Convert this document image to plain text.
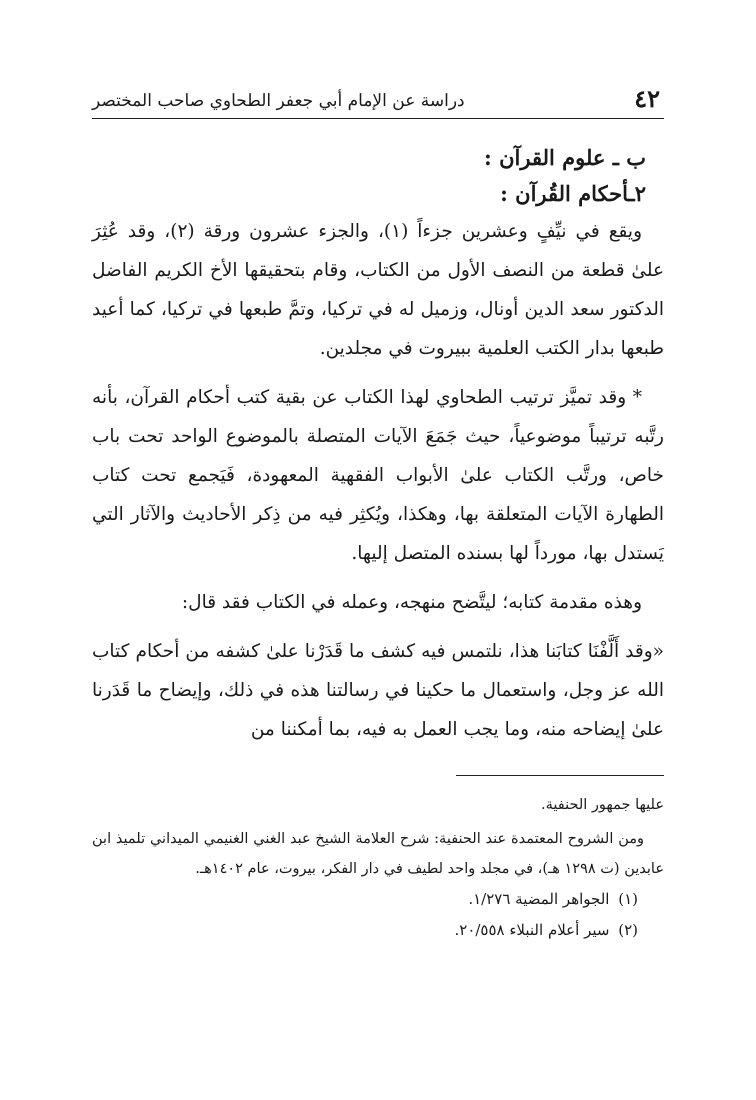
٤٢
دراسة عن الإمام أبي جعفر الطحاوي صاحب المختصر

ب ـ علوم القرآن :

٢ـأحكام القُرآن :

ويقع في نيِّفٍ وعشرين جزءاً (١)، والجزء عشرون ورقة (٢)، وقد عُثِرَ علىٰ قطعة من النصف الأول من الكتاب، وقام بتحقيقها الأخ الكريم الفاضل الدكتور سعد الدين أونال، وزميل له في تركيا، وتمَّ طبعها في تركيا، كما أعيد طبعها بدار الكتب العلمية ببيروت في مجلدين.

* وقد تميَّز ترتيب الطحاوي لهذا الكتاب عن بقية كتب أحكام القرآن، بأنه رتَّبه ترتيباً موضوعياً، حيث جَمَعَ الآيات المتصلة بالموضوع الواحد تحت باب خاص، ورتَّب الكتاب علىٰ الأبواب الفقهية المعهودة، فَيَجمع تحت كتاب الطهارة الآيات المتعلقة بها، وهكذا، ويُكثِر فيه من ذِكر الأحاديث والآثار التي يَستدل بها، مورداً لها بسنده المتصل إليها.

وهذه مقدمة كتابه؛ ليتَّضح منهجه، وعمله في الكتاب فقد قال:

«وقد أَلَّفْنَا كتابَنا هذا، نلتمس فيه كشف ما قَدَرْنا علىٰ كشفه من أحكام كتاب الله عز وجل، واستعمال ما حكينا في رسالتنا هذه في ذلك، وإيضاح ما قَدَرنا علىٰ إيضاحه منه، وما يجب العمل به فيه، بما أمكننا من

عليها جمهور الحنفية.

ومن الشروح المعتمدة عند الحنفية: شرح العلامة الشيخ عبد الغني الغنيمي الميداني تلميذ ابن عابدين (ت ١٢٩٨ هـ)، في مجلد واحد لطيف في دار الفكر، بيروت، عام ١٤٠٢هـ.

(١) الجواهر المضية ١/٢٧٦.

(٢) سير أعلام النبلاء ٢٠/٥٥٨.
